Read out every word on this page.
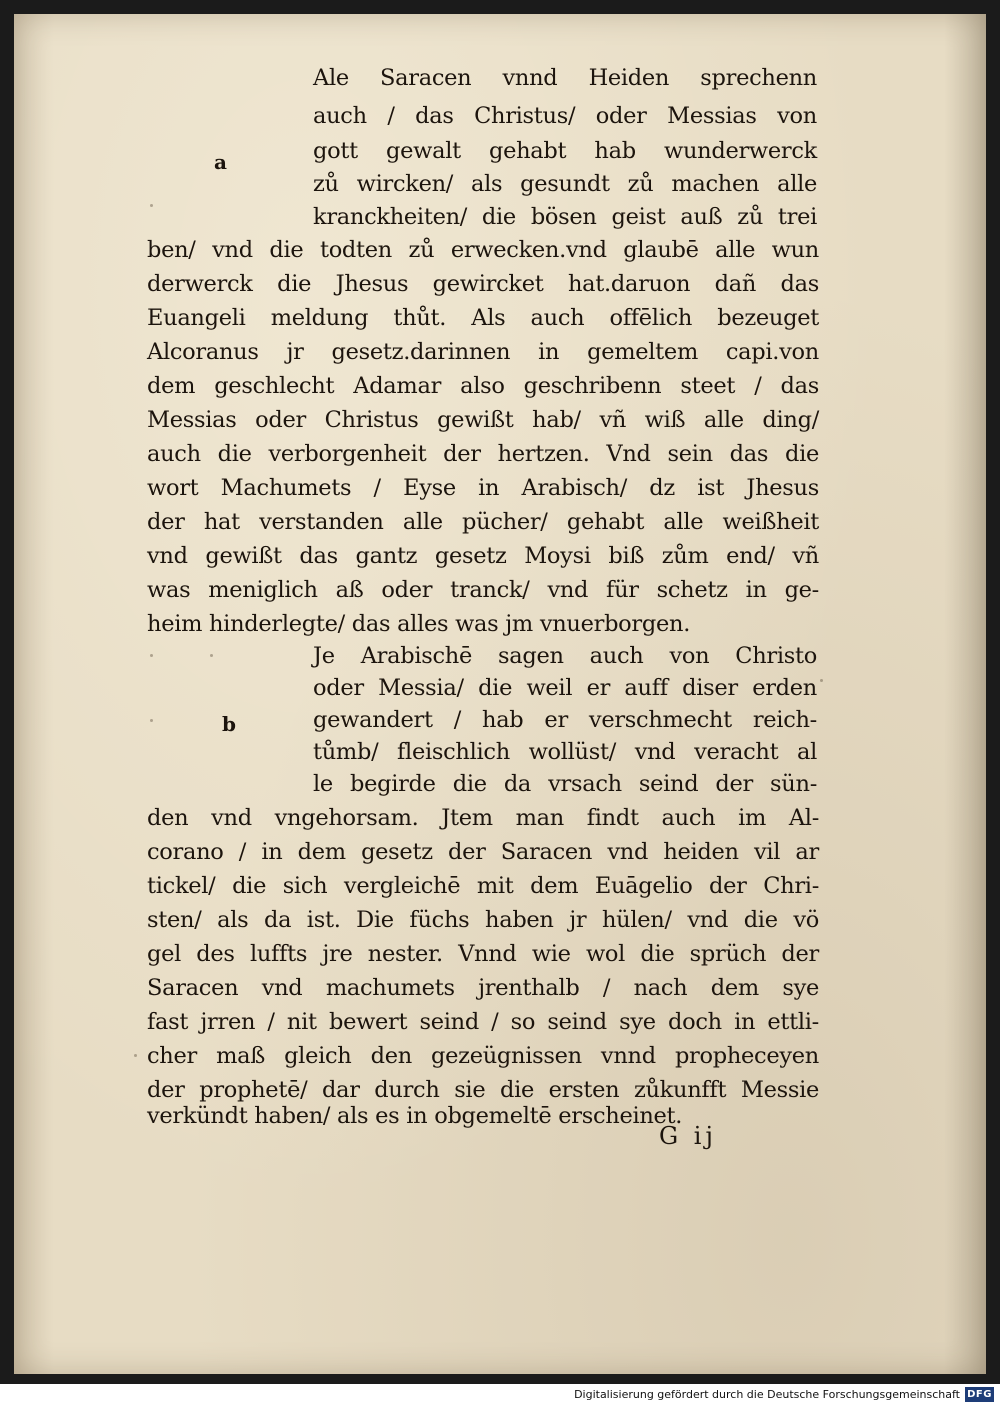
a
b
Ale Saracen vnnd Heiden sprechenn
auch / das Christus/ oder Messias von
gott gewalt gehabt hab wunderwerck
zů wircken/ als gesundt zů machen alle
kranckheiten/ die bösen geist auß zů trei
ben/ vnd die todten zů erwecken.vnd glaubē alle wun
derwerck die Jhesus gewircket hat.daruon dañ das
Euangeli meldung thůt. Als auch offēlich bezeuget
Alcoranus jr gesetz.darinnen in gemeltem capi.von
dem geschlecht Adamar also geschribenn steet / das
Messias oder Christus gewißt hab/ vñ wiß alle ding/
auch die verborgenheit der hertzen. Vnd sein das die
wort Machumets / Eyse in Arabisch/ dz ist Jhesus
der hat verstanden alle pücher/ gehabt alle weißheit
vnd gewißt das gantz gesetz Moysi biß zům end/ vñ
was meniglich aß oder tranck/ vnd für schetz in ge-
heim hinderlegte/ das alles was jm vnuerborgen.
Je Arabischē sagen auch von Christo
oder Messia/ die weil er auff diser erden
gewandert / hab er verschmecht reich-
tůmb/ fleischlich wollüst/ vnd veracht al
le begirde die da vrsach seind der sün-
den vnd vngehorsam. Jtem man findt auch im Al-
corano / in dem gesetz der Saracen vnd heiden vil ar
tickel/ die sich vergleichē mit dem Euāgelio der Chri-
sten/ als da ist. Die füchs haben jr hülen/ vnd die vö
gel des luffts jre nester. Vnnd wie wol die sprüch der
Saracen vnd machumets jrenthalb / nach dem sye
fast jrren / nit bewert seind / so seind sye doch in ettli-
cher maß gleich den gezeügnissen vnnd propheceyen
der prophetē/ dar durch sie die ersten zůkunfft Messie
verkündt haben/ als es in obgemeltē erscheinet.
G ij
Digitalisierung gefördert durch die Deutsche Forschungsgemeinschaft DFG
